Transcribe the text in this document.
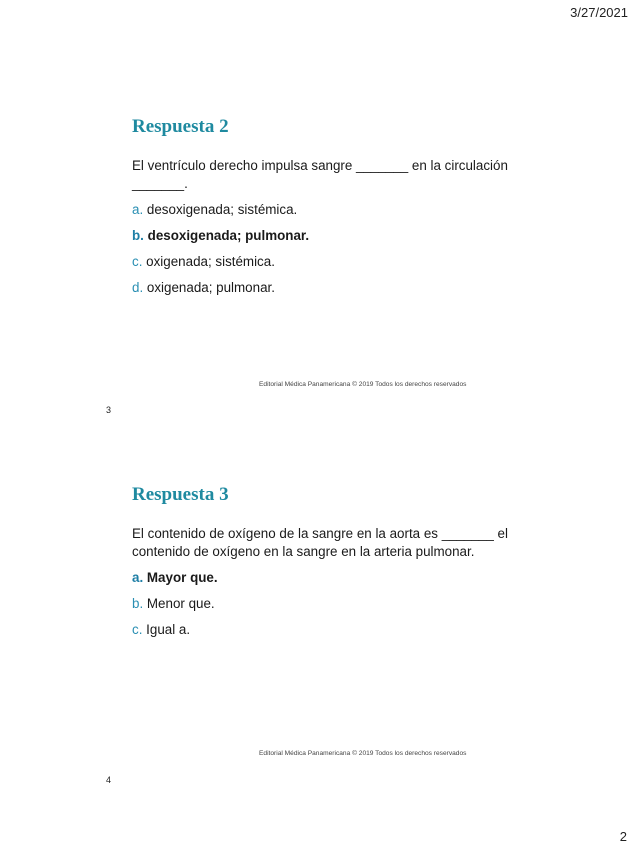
3/27/2021
Respuesta 2

El ventrículo derecho impulsa sangre _______ en la circulación _______.

a. desoxigenada; sistémica.
b. desoxigenada; pulmonar.
c. oxigenada; sistémica.
d. oxigenada; pulmonar.
Editorial Médica Panamericana © 2019 Todos los derechos reservados
3
Respuesta 3

El contenido de oxígeno de la sangre en la aorta es _______ el contenido de oxígeno en la sangre en la arteria pulmonar.

a. Mayor que.
b. Menor que.
c. Igual a.
Editorial Médica Panamericana © 2019 Todos los derechos reservados
4
2
